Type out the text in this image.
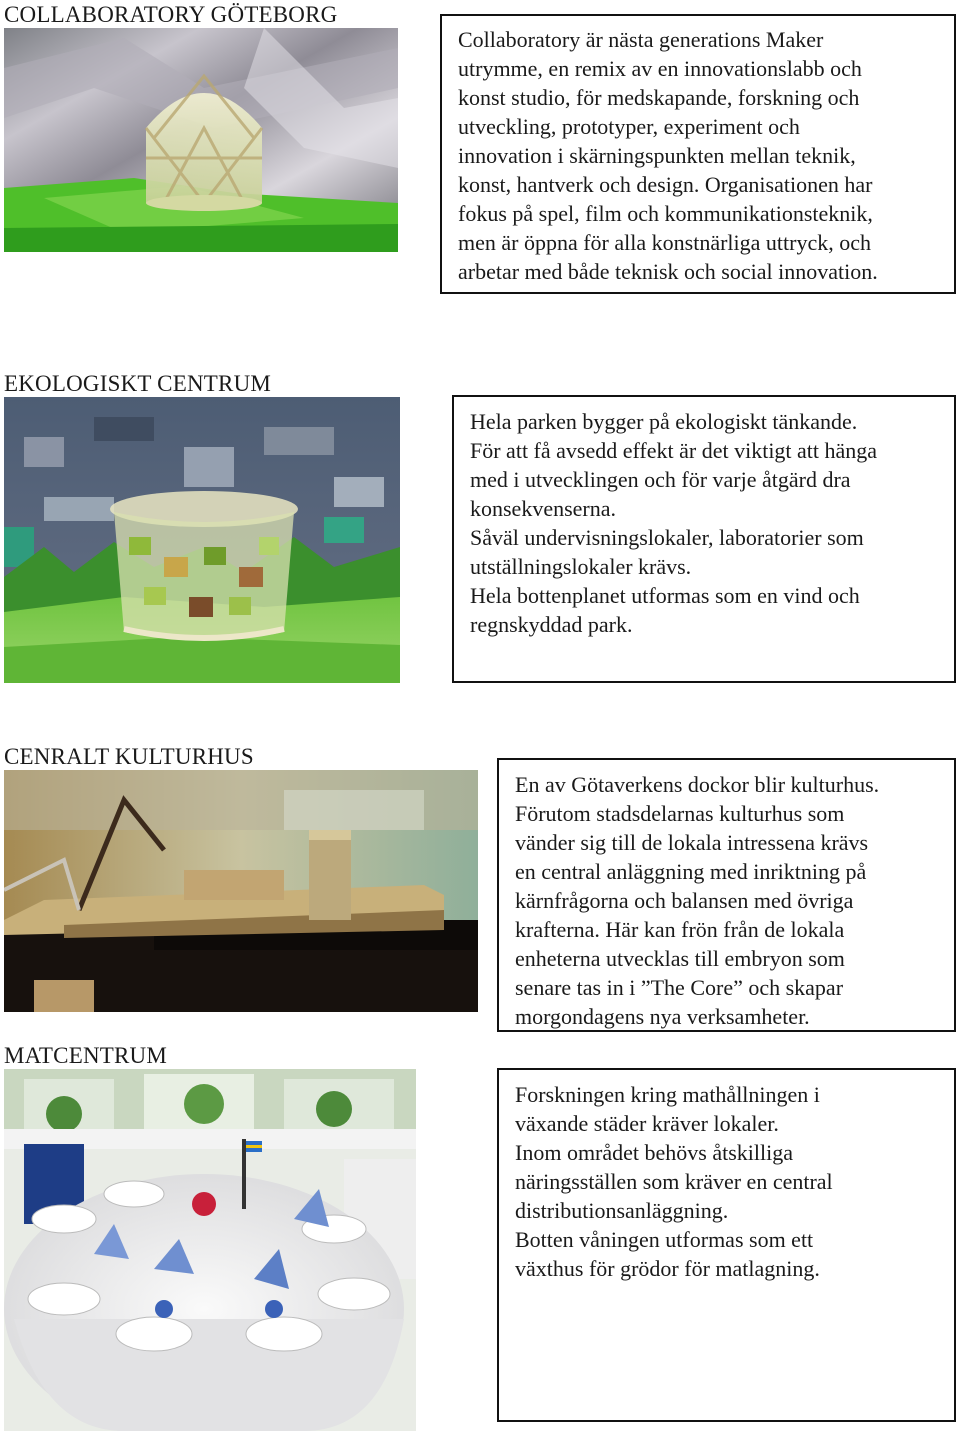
COLLABORATORY GÖTEBORG

Collaboratory är nästa generations Maker
utrymme, en remix av en innovationslabb och
konst studio, för medskapande, forskning och
utveckling, prototyper, experiment och
innovation i skärningspunkten mellan teknik,
konst, hantverk och design. Organisationen har
fokus på spel, film och kommunikationsteknik,
men är öppna för alla konstnärliga uttryck, och
arbetar med både teknisk och social innovation.

EKOLOGISKT CENTRUM

Hela parken bygger på ekologiskt tänkande.
För att få avsedd effekt är det viktigt att hänga
med i utvecklingen och för varje åtgärd dra
konsekvenserna.
Såväl undervisningslokaler, laboratorier som
utställningslokaler krävs.
Hela bottenplanet utformas som en vind och
regnskyddad park.

CENRALT KULTURHUS

En av Götaverkens dockor blir kulturhus.
Förutom stadsdelarnas kulturhus som
vänder sig till de lokala intressena krävs
en central anläggning med inriktning på
kärnfrågorna och balansen med övriga
krafterna. Här kan frön från de lokala
enheterna utvecklas till embryon som
senare tas in i ”The Core” och skapar
morgondagens nya verksamheter.

MATCENTRUM

Forskningen kring mathållningen i
växande städer kräver lokaler.
Inom området behövs åtskilliga
näringsställen som kräver en central
distributionsanläggning.
Botten våningen utformas som ett
växthus för grödor för matlagning.
